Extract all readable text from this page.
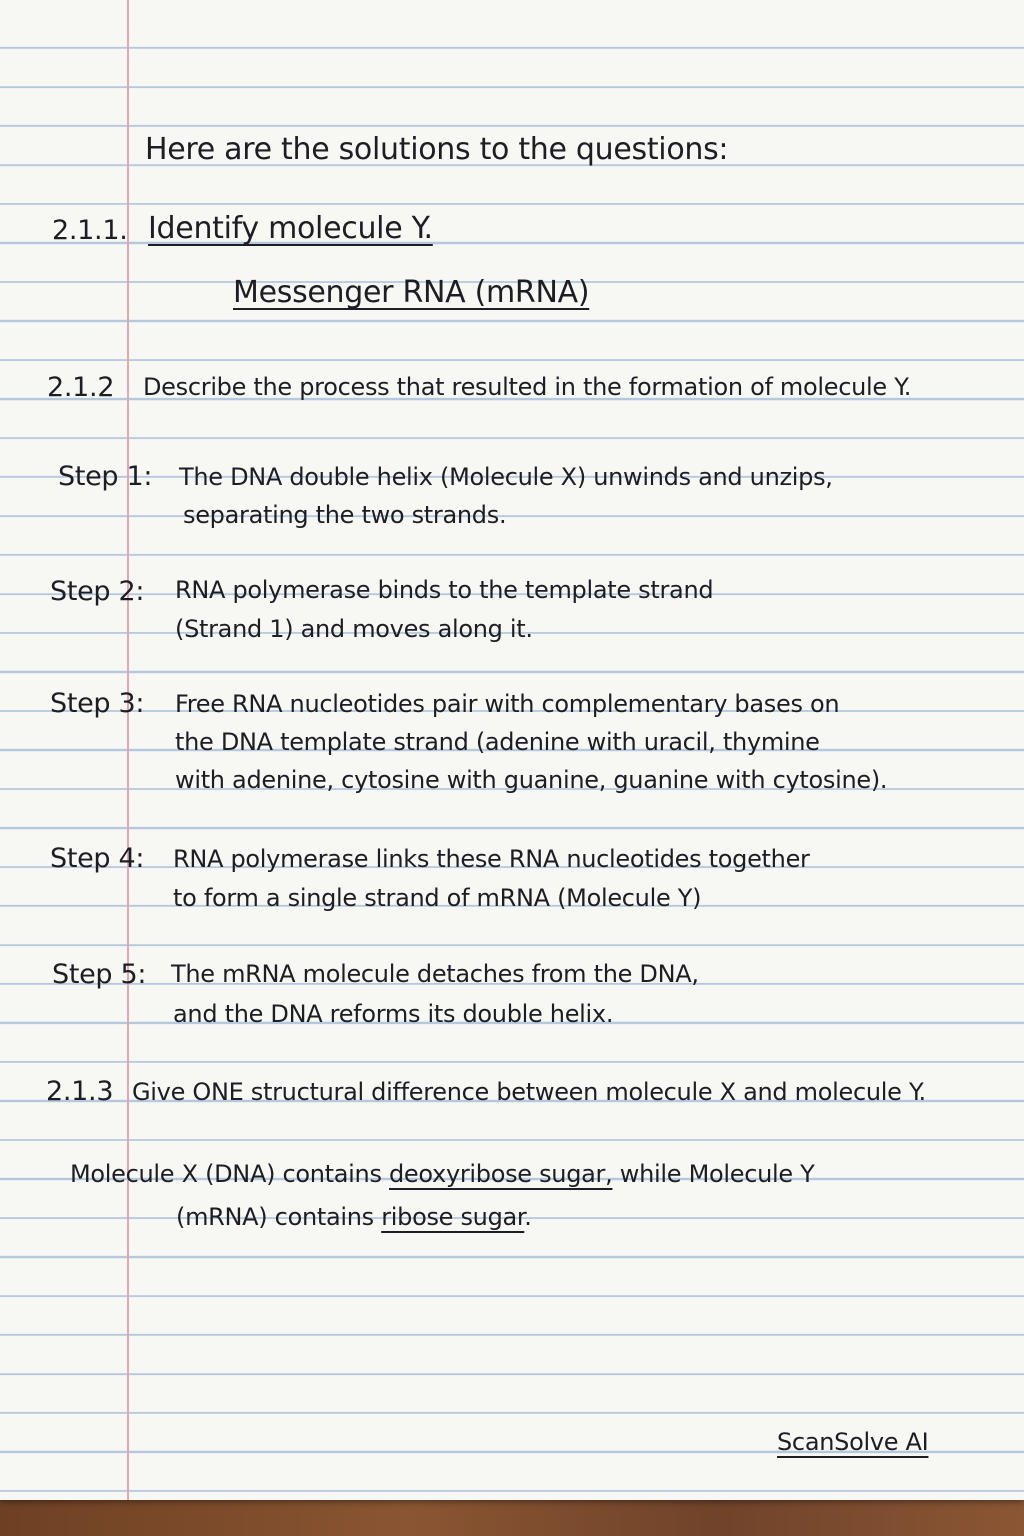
Here are the solutions to the questions:
2.1.1. Identify molecule Y.
Messenger RNA (mRNA)
2.1.2 Describe the process that resulted in the formation of molecule Y.
Step 1: The DNA double helix (Molecule X) unwinds and unzips,
separating the two strands.
Step 2: RNA polymerase binds to the template strand
(Strand 1) and moves along it.
Step 3: Free RNA nucleotides pair with complementary bases on
the DNA template strand (adenine with uracil, thymine
with adenine, cytosine with guanine, guanine with cytosine).
Step 4: RNA polymerase links these RNA nucleotides together
to form a single strand of mRNA (Molecule Y)
Step 5: The mRNA molecule detaches from the DNA,
and the DNA reforms its double helix.
2.1.3 Give ONE structural difference between molecule X and molecule Y.
Molecule X (DNA) contains deoxyribose sugar, while Molecule Y
(mRNA) contains ribose sugar.
ScanSolve AI
